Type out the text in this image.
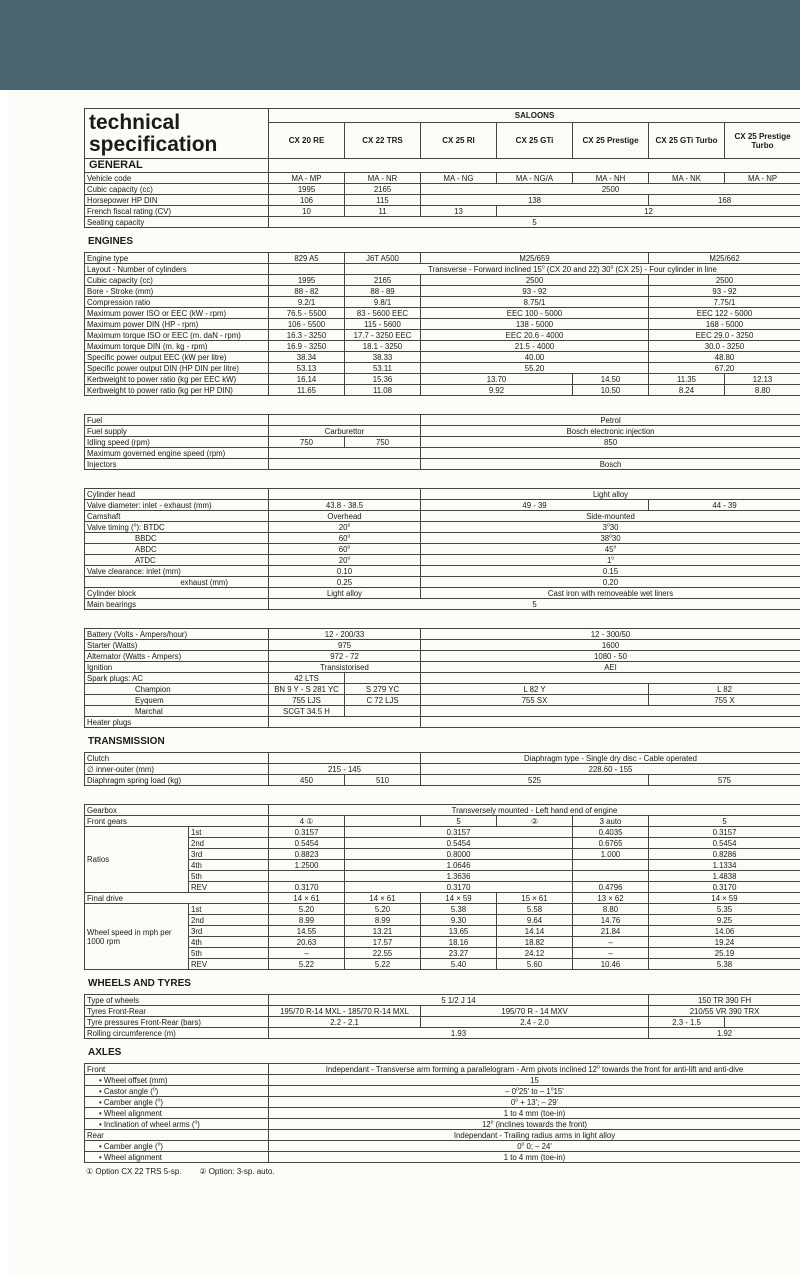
technical
specification	SALOONS						
	CX 20 RE	CX 22 TRS	CX 25 RI	CX 25 GTi	CX 25 Prestige	CX 25 GTi Turbo	CX 25 Prestige Turbo
GENERAL							
Vehicle code	MA - MP	MA - NR	MA - NG	MA - NG/A	MA - NH	MA - NK	MA - NP
Cubic capacity (cc)	1995	2165	2500				
Horsepower HP DIN	106	115	138			168	
French fiscal rating (CV)	10	11	13	12			
Seating capacity	5						
ENGINES
Engine type	829 A5	J6T A500	M25/659		M25/662	
Layout - Number of cylinders		Transverse - Forward inclined 15$^o$ (CX 20 and 22) 30$^o$ (CX 25) - Four cylinder in line				
Cubic capacity (cc)	1995	2165	2500		2500	
Bore - Stroke (mm)	88 - 82	88 - 89	93 - 92		93 - 92	
Compression ratio	9.2/1	9.8/1	8.75/1		7.75/1	
Maximum power ISO or EEC (kW - rpm)	76.5 - 5500	83 - 5600 EEC	EEC 100 - 5000		EEC 122 - 5000	
Maximum power DIN (HP - rpm)	106 - 5500	115 - 5600	138 - 5000		168 - 5000	
Maximum torque ISO or EEC (m. daN - rpm)	16.3 - 3250	17.7 - 3250 EEC	EEC 20.6 - 4000		EEC 29.0 - 3250	
Maximum torque DIN (m. kg - rpm)	16.9 - 3250	18.1 - 3250	21.5 - 4000		30.0 - 3250	
Specific power output EEC (kW per litre)	38.34	38.33	40.00		48.80	
Specific power output DIN (HP DIN per litre)	53.13	53.11	55.20		67.20	
Kerbweight to power ratio (kg per EEC kW)	16.14	15.36	13.70	14.50	11.35	12.13
Kerbweight to power ratio (kg per HP DIN)	11.65	11.08	9.92	10.50	8.24	8.80
Fuel			Petrol
Fuel supply	Carburettor		Bosch electronic injection
Idling speed (rpm)	750	750	850
Maximum governed engine speed (rpm)			
Injectors			Bosch
Cylinder head		Light alloy	
Valve diameter: inlet - exhaust (mm)	43.8 - 38.5	49 - 39	44 - 39
Camshaft	Overhead	Side-mounted	
Valve timing ($^o$): BTDC	20$^o$	3$^o$30	
BBDC	60$^o$	38$^o$30	
ABDC	60$^o$	45$^o$
ATDC	20$^o$	1$^o$
Valve clearance: inlet (mm)	0.10	0.15	
exhaust (mm)	0.25	0.20	
Cylinder block	Light alloy	Cast iron with removeable wet liners	
Main bearings	5		
Battery (Volts - Ampers/hour)	12 - 200/33		12 - 300/50	
Starter (Watts)	975		1600	
Alternator (Watts - Ampers)	972 - 72		1080 - 50	
Ignition	Transistorised		AEI	
Spark plugs: AC	42 LTS			
Champion	BN 9 Y - S 281 YC	S 279 YC	L 82 Y	L 82
Eyquem	755 LJS	C 72 LJS	755 SX	755 X
Marchal	SCGT 34.5 H			
Heater plugs				
TRANSMISSION
Clutch			Diaphragm type - Single dry disc - Cable operated	
∅ inner-outer (mm)	215 - 145		228.60 - 155	
Diaphragm spring load (kg)	450	510	525	575
Gearbox		Transversely mounted - Left hand end of engine					
Front gears		4 ①		5	②	3 auto	5
Ratios	1st	0.3157	0.3157			0.4035	0.3157
	2nd	0.5454	0.5454			0.6765	0.5454
	3rd	0.8823	0.8000			1.000	0.8286
	4th	1.2500	1.0646				1.1334
	5th		1.3636				1.4838
	REV	0.3170	0.3170			0.4796	0.3170
Final drive		14 × 61	14 × 61	14 × 59	15 × 61	13 × 62	14 × 59
Wheel speed in mph per 1000 rpm	1st	5.20	5.20	5.38	5.58	8.80	5.35
	2nd	8.99	8.99	9.30	9.64	14.76	9.25
	3rd	14.55	13.21	13.65	14.14	21.84	14.06
	4th	20.63	17.57	18.16	18.82	–	19.24
	5th	–	22.55	23.27	24.12	–	25.19
	REV	5.22	5.22	5.40	5.60	10.46	5.38
WHEELS AND TYRES
Type of wheels	5 1/2 J 14		150 TR 390 FH	
Tyres Front-Rear	195/70 R-14 MXL - 185/70 R-14 MXL	195/70 R - 14 MXV	210/55 VR 390 TRX	
Tyre pressures Front-Rear (bars)	2.2 - 2.1	2.4 - 2.0	2.3 - 1.5	
Rolling circumference (m)	1.93		1.92	
AXLES
Front	Independant - Transverse arm forming a parallelogram - Arm pivots inclined 12$^o$ towards the front for anti-lift and anti-dive
• Wheel offset (mm)	15
• Castor angle ($^o$)	– 0$^o$25' to – 1$^o$15'
• Camber angle ($^o$)	$0^o + 13'$; – 29'
• Wheel alignment	1 to 4 mm (toe-in)
• Inclination of wheel arms ($^o$)	12$^o$ (inclines towards the front)
Rear	Independant - Trailing radius arms in light alloy
• Camber angle ($^o$)	0$^o$ 0; – 24'
• Wheel alignment	1 to 4 mm (toe-in)
① Option CX 22 TRS 5-sp. ② Option: 3-sp. auto.
